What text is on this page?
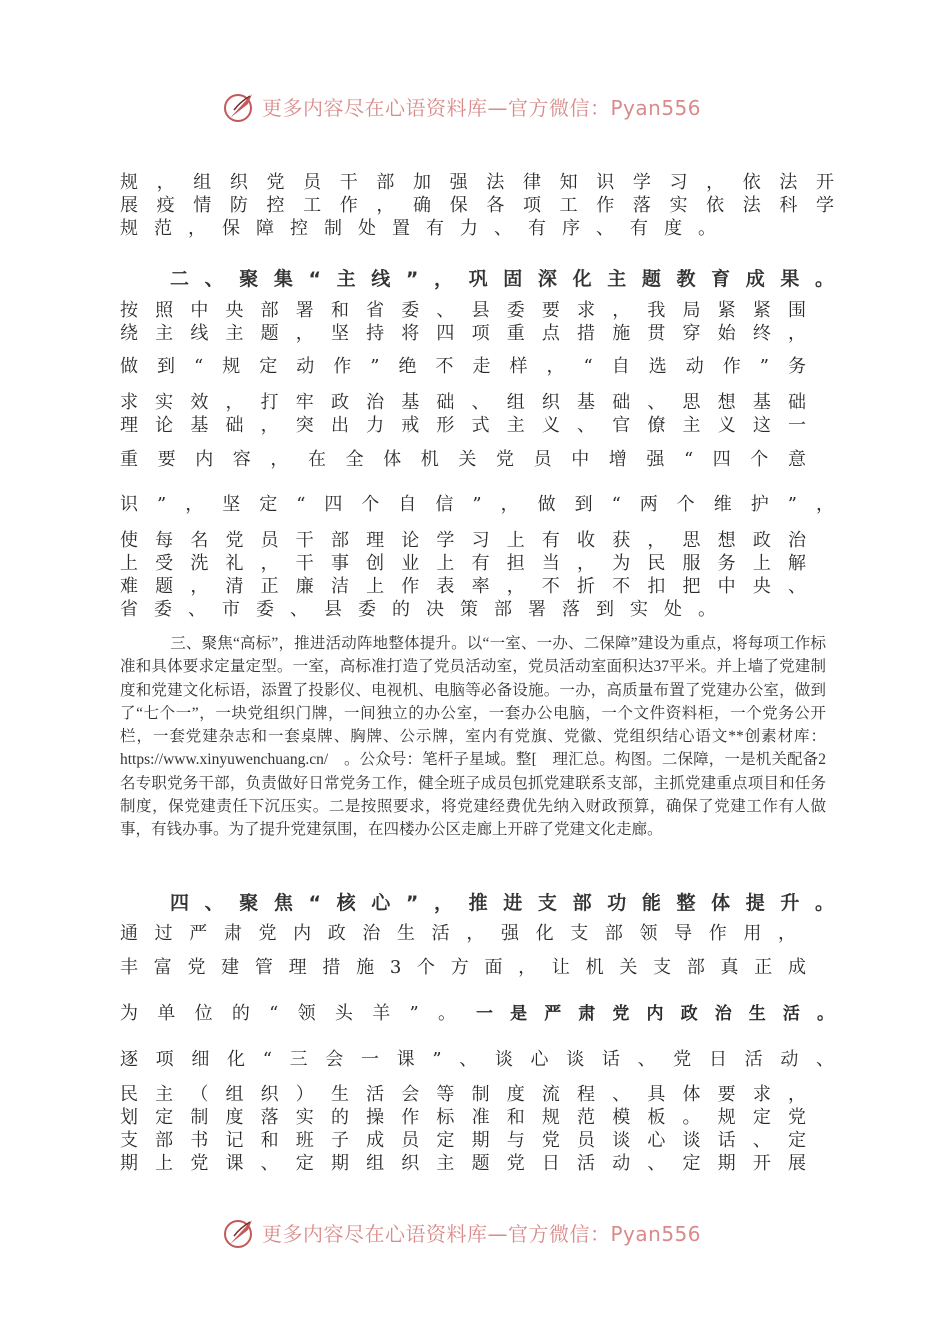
更多内容尽在心语资料库—官方微信：Pyan556
规，组织党员干部加强法律知识学习，依法开
展疫情防控工作，确保各项工作落实依法科学
规范，保障控制处置有力、有序、有度。
二、聚集“主线”，巩固深化主题教育成果。
按照中央部署和省委、县委要求，我局紧紧围
绕主线主题，坚持将四项重点措施贯穿始终，
做到“规定动作”绝不走样，“自选动作”务
求实效，打牢政治基础、组织基础、思想基础
理论基础，突出力戒形式主义、官僚主义这一
重要内容，在全体机关党员中增强“四个意
识”，坚定“四个自信”，做到“两个维护”，
使每名党员干部理论学习上有收获，思想政治
上受洗礼，干事创业上有担当，为民服务上解
难题，清正廉洁上作表率，不折不扣把中央、
省委、市委、县委的决策部署落到实处。
三、聚焦“高标”，推进活动阵地整体提升。以“一室、一办、二保障”建设为重点，将每项工作标准和具体要求定量定型。一室，高标准打造了党员活动室，党员活动室面积达37平米。并上墙了党建制度和党建文化标语，添置了投影仪、电视机、电脑等必备设施。一办，高质量布置了党建办公室，做到了“七个一”，一块党组织门牌，一间独立的办公室，一套办公电脑，一个文件资料柜，一个党务公开栏，一套党建杂志和一套桌牌、胸牌、公示牌，室内有党旗、党徽、党组织结心语文**创素材库：https://www.xinyuwenchuang.cn/　。公众号：笔杆子星域。整[　理汇总。构图。二保障，一是机关配备2　名专职党务干部，负责做好日常党务工作，健全班子成员包抓党建联系支部，主抓党建重点项目和任务制度，保党建责任下沉压实。二是按照要求，将党建经费优先纳入财政预算，确保了党建工作有人做事，有钱办事。为了提升党建氛围，在四楼办公区走廊上开辟了党建文化走廊。
四、聚焦“核心”，推进支部功能整体提升。
通过严肃党内政治生活，强化支部领导作用，
丰富党建管理措施3个方面，让机关支部真正成
为单位的“领头羊”。 一是严肃党内政治生活。
逐项细化“三会一课”、谈心谈话、党日活动、
民主（组织）生活会等制度流程、具体要求，
划定制度落实的操作标准和规范模板。规定党
支部书记和班子成员定期与党员谈心谈话、定
期上党课、定期组织主题党日活动、定期开展
更多内容尽在心语资料库—官方微信：Pyan556
